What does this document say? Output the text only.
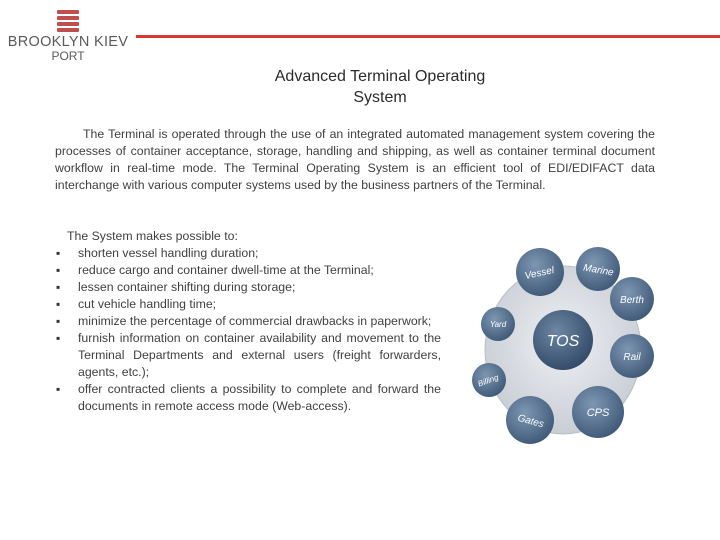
BROOKLYN KIEV
PORT
Advanced Terminal Operating
System

The Terminal is operated through the use of an integrated automated management system covering the processes of container acceptance, storage, handling and shipping, as well as container terminal document workflow in real-time mode. The Terminal Operating System is an efficient tool of EDI/EDIFACT data interchange with various computer systems used by the business partners of the Terminal.

The System makes possible to:
▪ shorten vessel handling duration;
▪ reduce cargo and container dwell-time at the Terminal;
▪ lessen container shifting during storage;
▪ cut vehicle handling time;
▪ minimize the percentage of commercial drawbacks in paperwork;
▪ furnish information on container availability and movement to the Terminal Departments and external users (freight forwarders, agents, etc.);
▪ offer contracted clients a possibility to complete and forward the documents in remote access mode (Web-access).
TOS
Vessel	Marine
Berth
Rail
CPS
Gates
Billing
Yard
